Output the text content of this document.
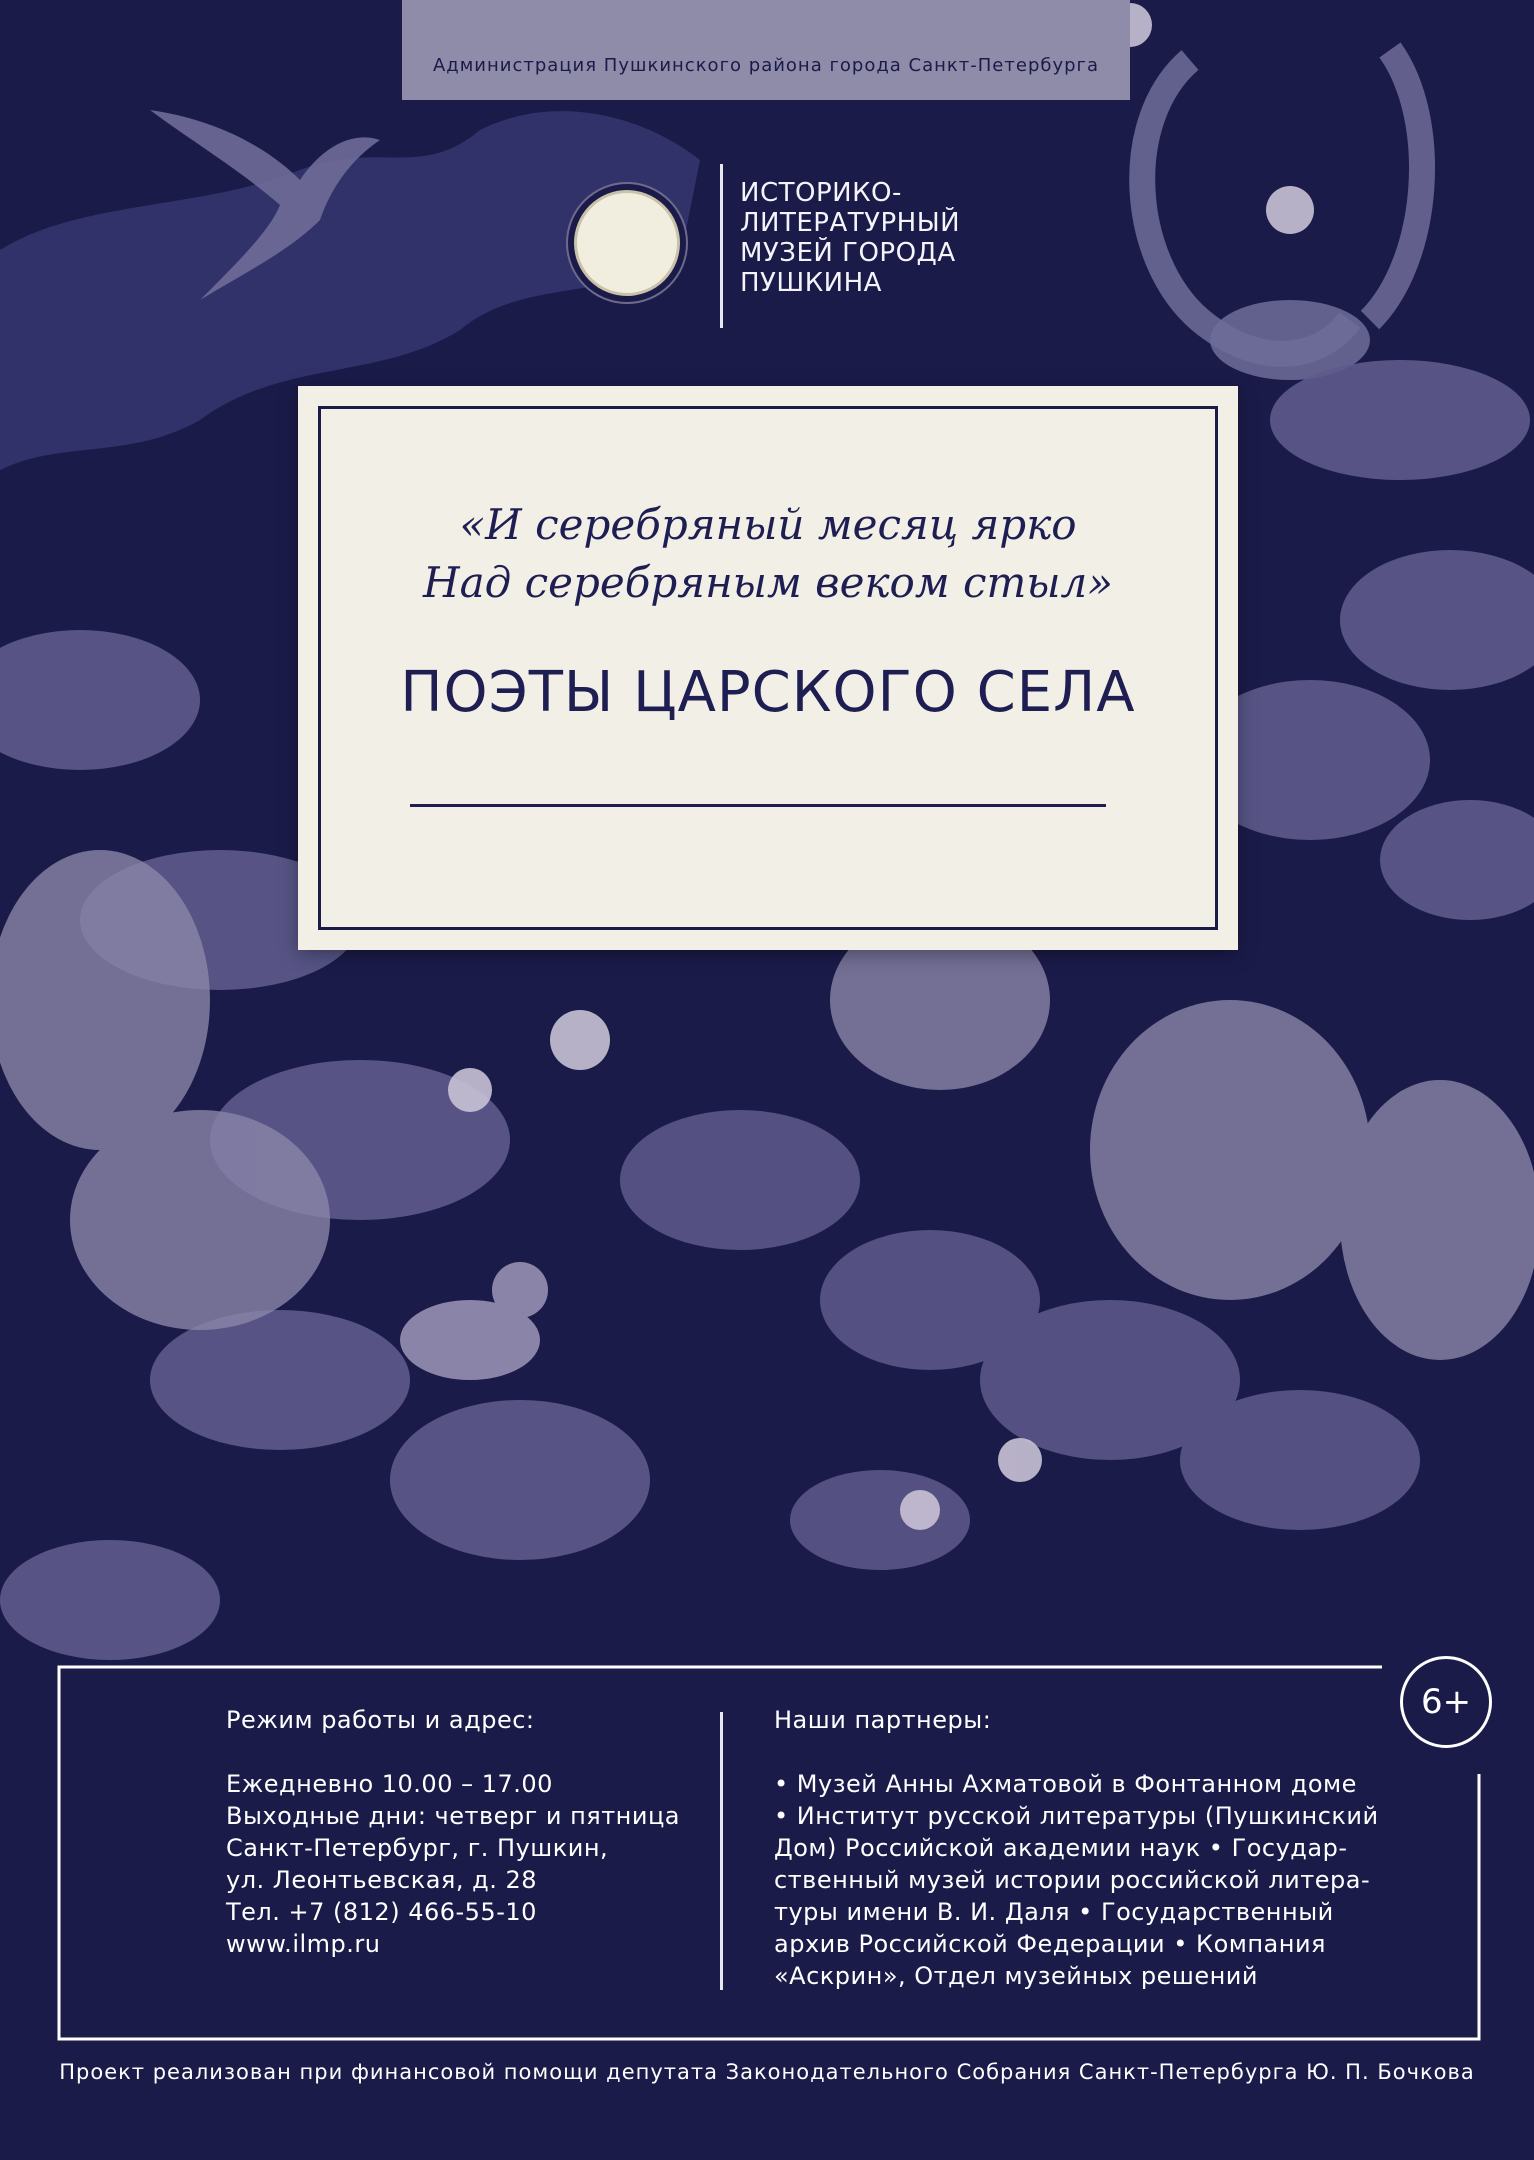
Администрация Пушкинского района города Санкт-Петербурга
ИСТОРИКО-
ЛИТЕРАТУРНЫЙ
МУЗЕЙ ГОРОДА
ПУШКИНА
«И серебряный месяц ярко
Над серебряным веком стыл»
ПОЭТЫ ЦАРСКОГО СЕЛА
6+
Режим работы и адрес:
Ежедневно 10.00 – 17.00
Выходные дни: четверг и пятница
Санкт-Петербург, г. Пушкин,
ул. Леонтьевская, д. 28
Тел. +7 (812) 466-55-10
www.ilmp.ru
Наши партнеры:
• Музей Анны Ахматовой в Фонтанном доме
• Институт русской литературы (Пушкинский
Дом) Российской академии наук • Государ-
ственный музей истории российской литера-
туры имени В. И. Даля • Государственный
архив Российской Федерации • Компания
«Аскрин», Отдел музейных решений
Проект реализован при финансовой помощи депутата Законодательного Собрания Санкт-Петербурга Ю. П. Бочкова
